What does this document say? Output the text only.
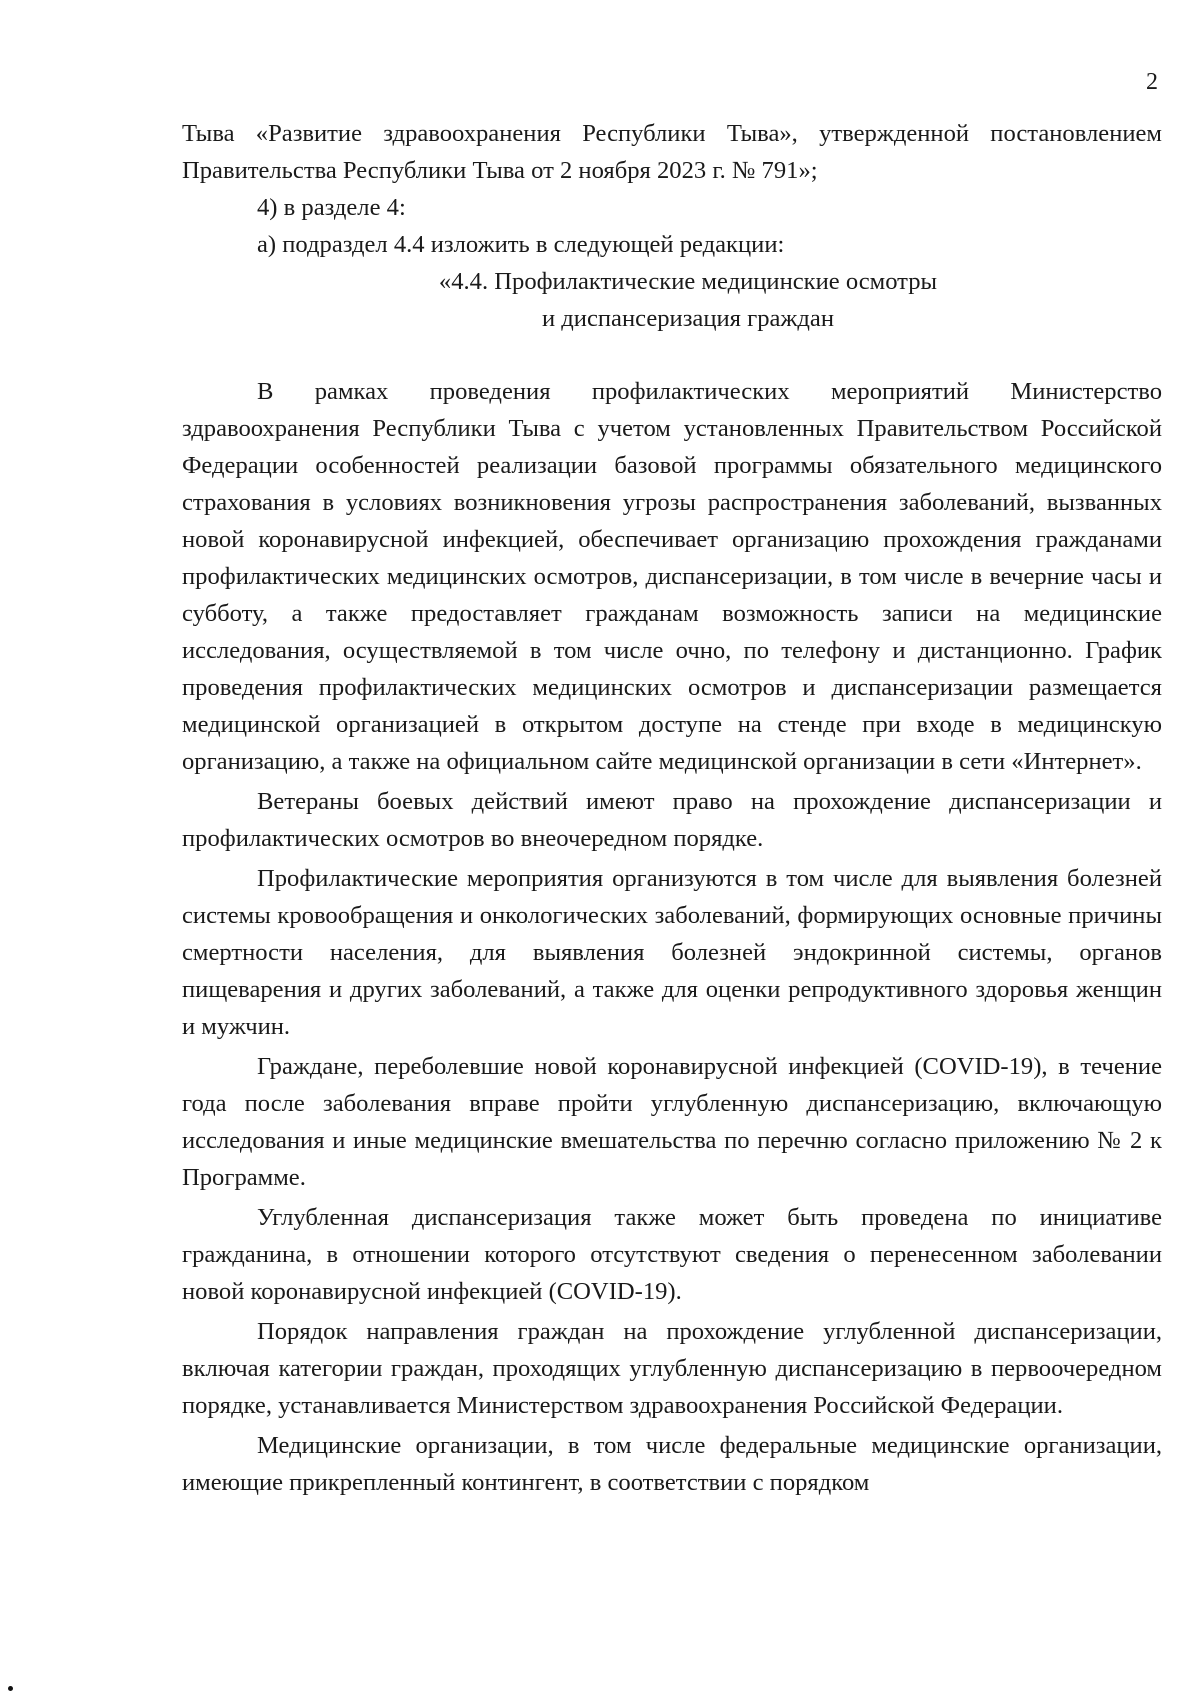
2

Тыва «Развитие здравоохранения Республики Тыва», утвержденной постановлением Правительства Республики Тыва от 2 ноября 2023 г. № 791»;

4) в разделе 4:

а) подраздел 4.4 изложить в следующей редакции:

«4.4. Профилактические медицинские осмотры
и диспансеризация граждан

В рамках проведения профилактических мероприятий Министерство здравоохранения Республики Тыва с учетом установленных Правительством Российской Федерации особенностей реализации базовой программы обязательного медицинского страхования в условиях возникновения угрозы распространения заболеваний, вызванных новой коронавирусной инфекцией, обеспечивает организацию прохождения гражданами профилактических медицинских осмотров, диспансеризации, в том числе в вечерние часы и субботу, а также предоставляет гражданам возможность записи на медицинские исследования, осуществляемой в том числе очно, по телефону и дистанционно. График проведения профилактических медицинских осмотров и диспансеризации размещается медицинской организацией в открытом доступе на стенде при входе в медицинскую организацию, а также на официальном сайте медицинской организации в сети «Интернет».

Ветераны боевых действий имеют право на прохождение диспансеризации и профилактических осмотров во внеочередном порядке.

Профилактические мероприятия организуются в том числе для выявления болезней системы кровообращения и онкологических заболеваний, формирующих основные причины смертности населения, для выявления болезней эндокринной системы, органов пищеварения и других заболеваний, а также для оценки репродуктивного здоровья женщин и мужчин.

Граждане, переболевшие новой коронавирусной инфекцией (COVID-19), в течение года после заболевания вправе пройти углубленную диспансеризацию, включающую исследования и иные медицинские вмешательства по перечню согласно приложению № 2 к Программе.

Углубленная диспансеризация также может быть проведена по инициативе гражданина, в отношении которого отсутствуют сведения о перенесенном заболевании новой коронавирусной инфекцией (COVID-19).

Порядок направления граждан на прохождение углубленной диспансеризации, включая категории граждан, проходящих углубленную диспансеризацию в первоочередном порядке, устанавливается Министерством здравоохранения Российской Федерации.

Медицинские организации, в том числе федеральные медицинские организации, имеющие прикрепленный контингент, в соответствии с порядком
